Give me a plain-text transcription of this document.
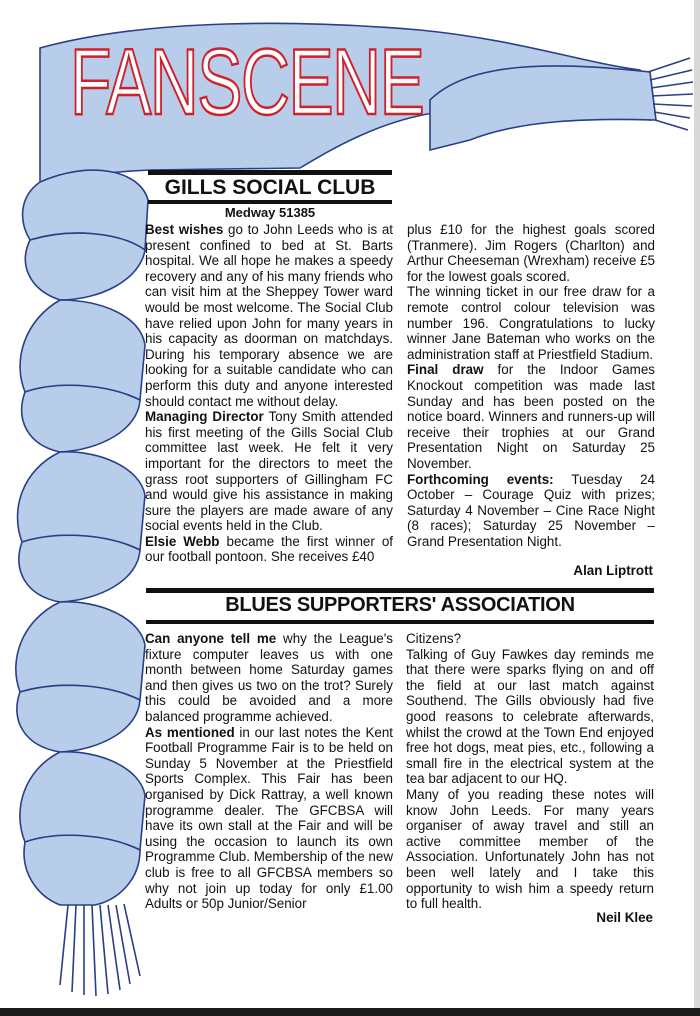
FANSCENE
GILLS SOCIAL CLUB
Medway 51385

Best wishes go to John Leeds who is at present confined to bed at St. Barts hospital. We all hope he makes a speedy recovery and any of his many friends who can visit him at the Sheppey Tower ward would be most welcome. The Social Club have relied upon John for many years in his capacity as doorman on matchdays. During his temporary absence we are looking for a suitable candidate who can perform this duty and anyone interested should contact me without delay.

Managing Director Tony Smith attended his first meeting of the Gills Social Club committee last week. He felt it very important for the directors to meet the grass root supporters of Gillingham FC and would give his assistance in making sure the players are made aware of any social events held in the Club.

Elsie Webb became the first winner of our football pontoon. She receives £40

plus £10 for the highest goals scored (Tranmere). Jim Rogers (Charlton) and Arthur Cheeseman (Wrexham) receive £5 for the lowest goals scored.

The winning ticket in our free draw for a remote control colour television was number 196. Congratulations to lucky winner Jane Bateman who works on the administration staff at Priestfield Stadium.

Final draw for the Indoor Games Knockout competition was made last Sunday and has been posted on the notice board. Winners and runners-up will receive their trophies at our Grand Presentation Night on Saturday 25 November.

Forthcoming events: Tuesday 24 October – Courage Quiz with prizes; Saturday 4 November – Cine Race Night (8 races); Saturday 25 November – Grand Presentation Night.

Alan Liptrott
BLUES SUPPORTERS' ASSOCIATION

Can anyone tell me why the League's fixture computer leaves us with one month between home Saturday games and then gives us two on the trot? Surely this could be avoided and a more balanced programme achieved.

As mentioned in our last notes the Kent Football Programme Fair is to be held on Sunday 5 November at the Priestfield Sports Complex. This Fair has been organised by Dick Rattray, a well known programme dealer. The GFCBSA will have its own stall at the Fair and will be using the occasion to launch its own Programme Club. Membership of the new club is free to all GFCBSA members so why not join up today for only £1.00 Adults or 50p Junior/Senior

Citizens?

Talking of Guy Fawkes day reminds me that there were sparks flying on and off the field at our last match against Southend. The Gills obviously had five good reasons to celebrate afterwards, whilst the crowd at the Town End enjoyed free hot dogs, meat pies, etc., following a small fire in the electrical system at the tea bar adjacent to our HQ.

Many of you reading these notes will know John Leeds. For many years organiser of away travel and still an active committee member of the Association. Unfortunately John has not been well lately and I take this opportunity to wish him a speedy return to full health.

Neil Klee
